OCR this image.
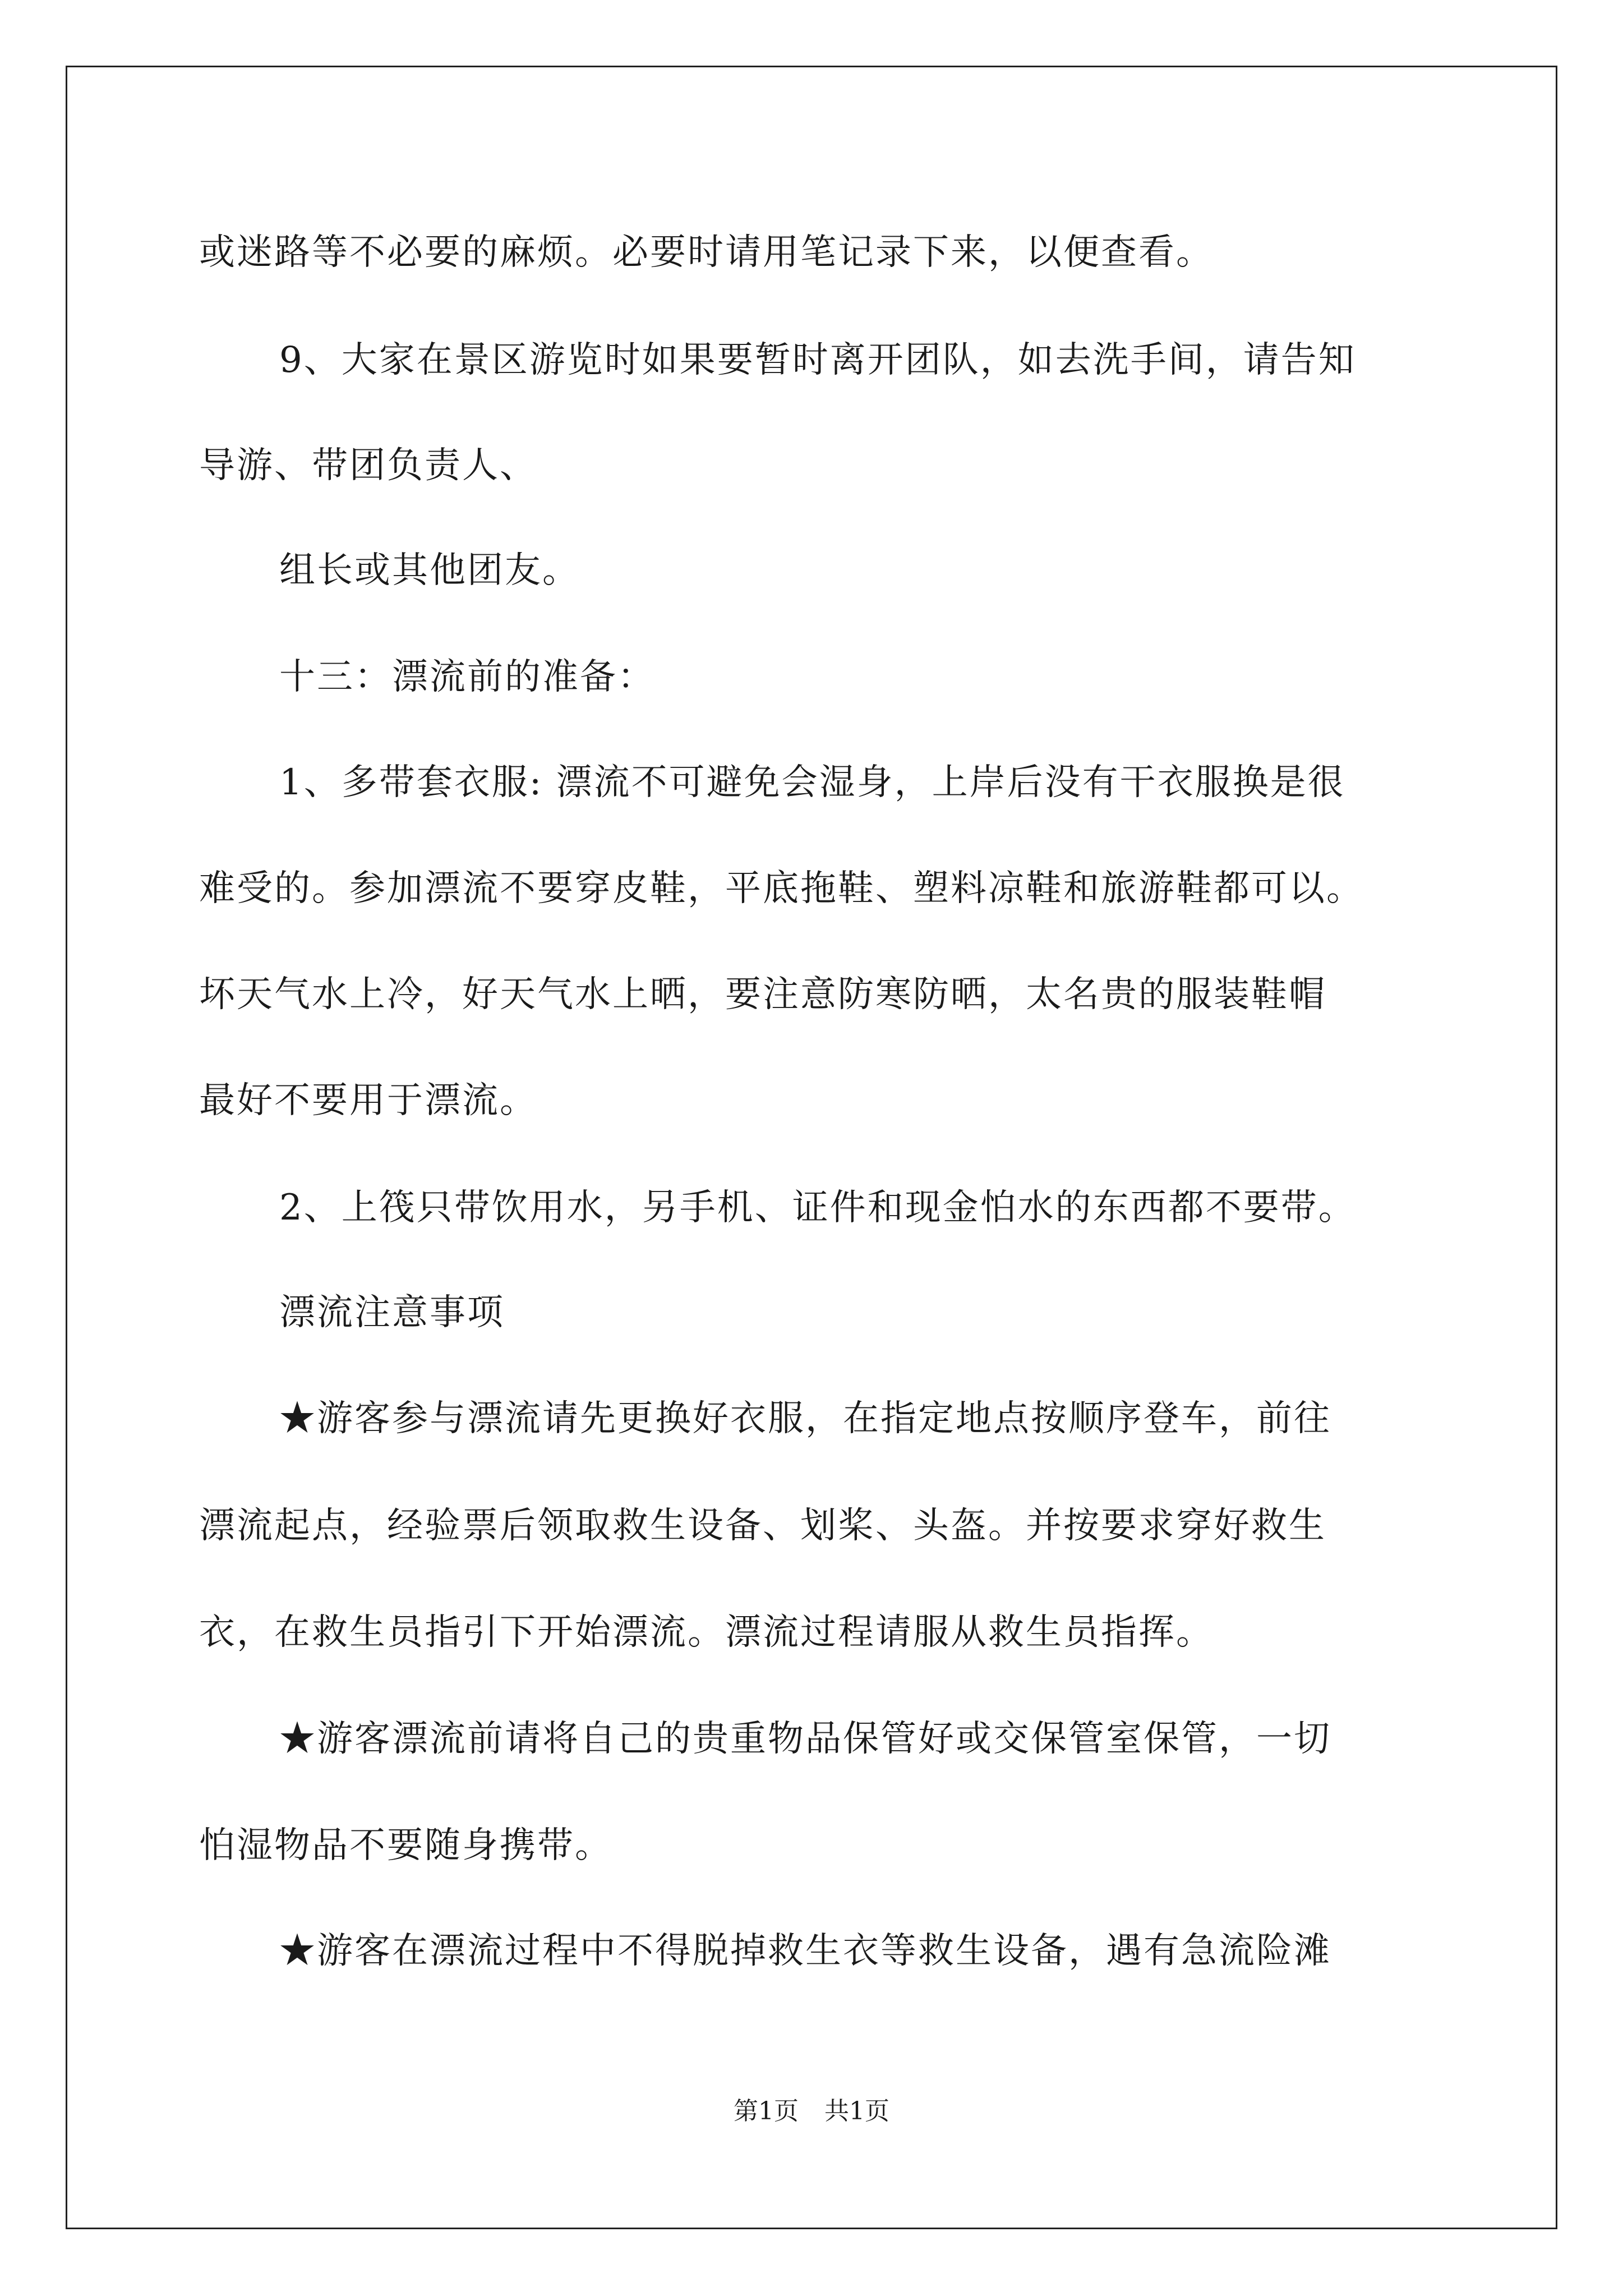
或迷路等不必要的麻烦。必要时请用笔记录下来，以便查看。
9、大家在景区游览时如果要暂时离开团队，如去洗手间，请告知
导游、带团负责人、
组长或其他团友。
十三：漂流前的准备：
1、多带套衣服: 漂流不可避免会湿身，上岸后没有干衣服换是很
难受的。参加漂流不要穿皮鞋，平底拖鞋、塑料凉鞋和旅游鞋都可以。
坏天气水上冷，好天气水上晒，要注意防寒防晒，太名贵的服装鞋帽
最好不要用于漂流。
2、上筏只带饮用水，另手机、证件和现金怕水的东西都不要带。
漂流注意事项
★游客参与漂流请先更换好衣服，在指定地点按顺序登车，前往
漂流起点，经验票后领取救生设备、划桨、头盔。并按要求穿好救生
衣，在救生员指引下开始漂流。漂流过程请服从救生员指挥。
★游客漂流前请将自己的贵重物品保管好或交保管室保管，一切
怕湿物品不要随身携带。
★游客在漂流过程中不得脱掉救生衣等救生设备，遇有急流险滩
第1页 共1页
